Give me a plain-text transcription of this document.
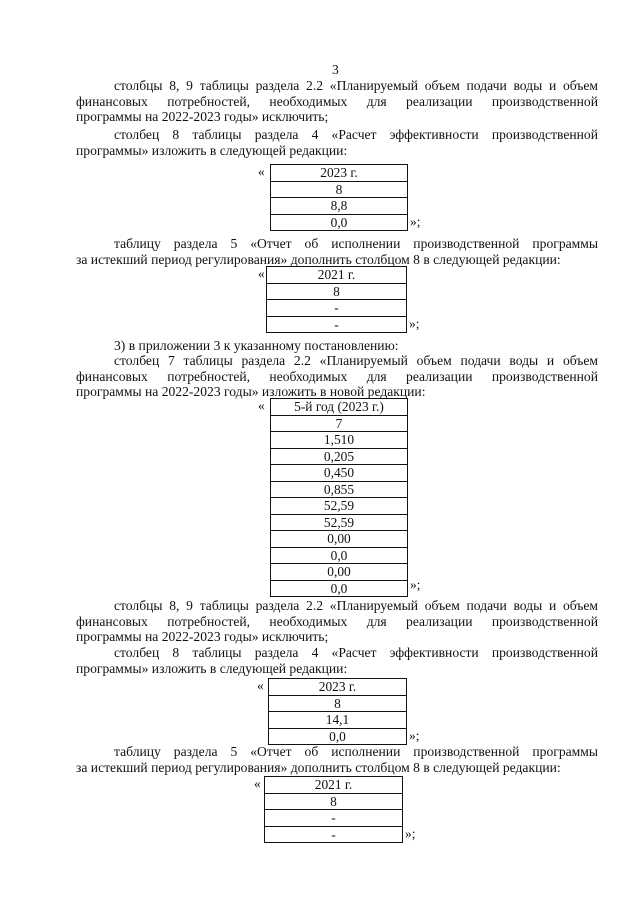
3
столбцы 8, 9 таблицы раздела 2.2 «Планируемый объем подачи воды и объем
финансовых потребностей, необходимых для реализации производственной
программы на 2022-2023 годы» исключить;
столбец 8 таблицы раздела 4 «Расчет эффективности производственной
программы» изложить в следующей редакции:
«	2023 г.
8
8,8
0,0	»;
таблицу раздела 5 «Отчет об исполнении производственной программы
за истекший период регулирования» дополнить столбцом 8 в следующей редакции:
«	2021 г.
8
-
-	»;
3) в приложении 3 к указанному постановлению:
столбец 7 таблицы раздела 2.2 «Планируемый объем подачи воды и объем
финансовых потребностей, необходимых для реализации производственной
программы на 2022-2023 годы» изложить в новой редакции:
«	5-й год (2023 г.)
7
1,510
0,205
0,450
0,855
52,59
52,59
0,00
0,0
0,00
0,0	»;
столбцы 8, 9 таблицы раздела 2.2 «Планируемый объем подачи воды и объем
финансовых потребностей, необходимых для реализации производственной
программы на 2022-2023 годы» исключить;
столбец 8 таблицы раздела 4 «Расчет эффективности производственной
программы» изложить в следующей редакции:
«	2023 г.
8
14,1
0,0	»;
таблицу раздела 5 «Отчет об исполнении производственной программы
за истекший период регулирования» дополнить столбцом 8 в следующей редакции:
«	2021 г.
8
-
-	»;
